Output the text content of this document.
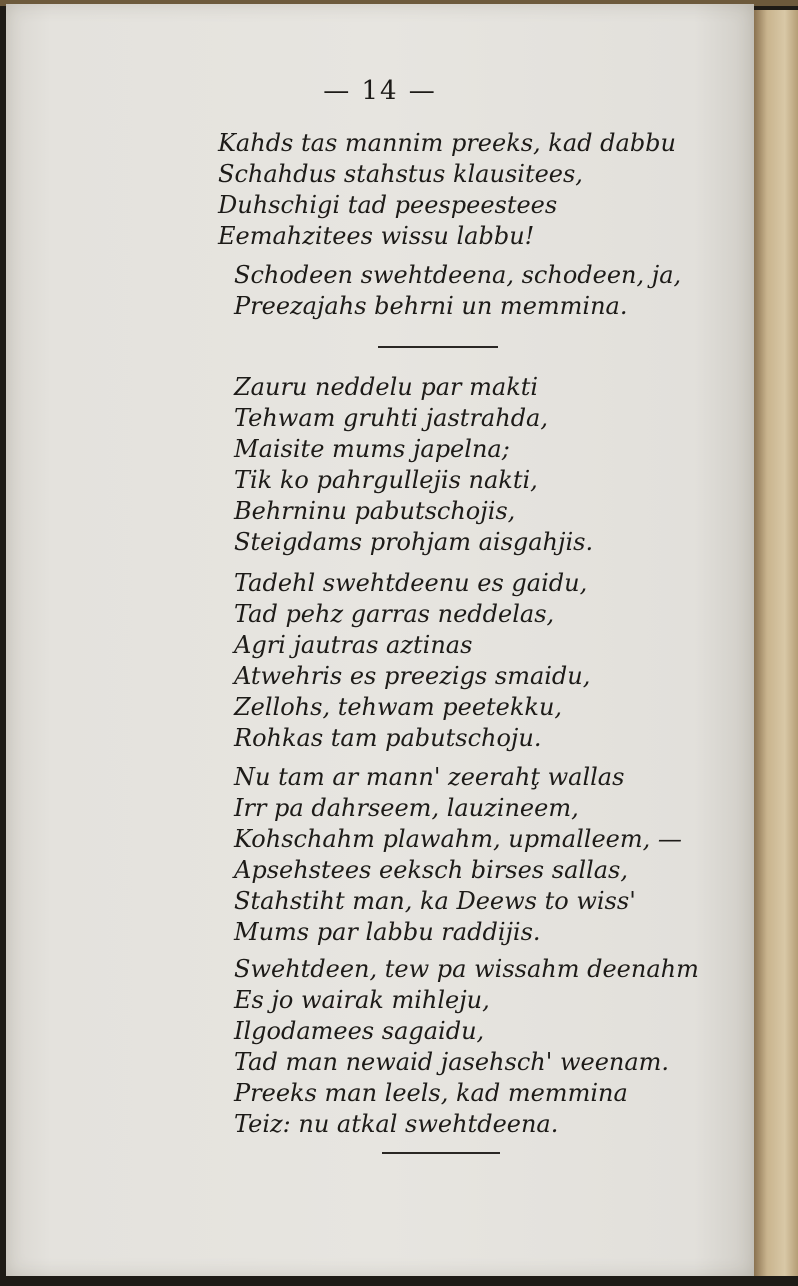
— 14 —
Kahds tas mannim preeks, kad dabbu
Schahdus stahstus klausitees,
Duhschigi tad peespeestees
Eemahzitees wissu labbu!
Schodeen swehtdeena, schodeen, ja,
Preezajahs behrni un memmina.
Zauru neddelu par makti
Tehwam gruhti jastrahda,
Maisite mums japelna;
Tik ko pahrgullejis nakti,
Behrninu pabutschojis,
Steigdams prohjam aisgahjis.
Tadehl swehtdeenu es gaidu,
Tad pehz garras neddelas,
Agri jautras aztinas
Atwehris es preezigs smaidu,
Zellohs, tehwam peetekku,
Rohkas tam pabutschoju.
Nu tam ar mann' zeerahţ wallas
Irr pa dahrseem, lauzineem,
Kohschahm plawahm, upmalleem, —
Apsehstees eeksch birses sallas,
Stahstiht man, ka Deews to wiss'
Mums par labbu raddijis.
Swehtdeen, tew pa wissahm deenahm
Es jo wairak mihleju,
Ilgodamees sagaidu,
Tad man newaid jasehsch' weenam.
Preeks man leels, kad memmina
Teiz: nu atkal swehtdeena.
